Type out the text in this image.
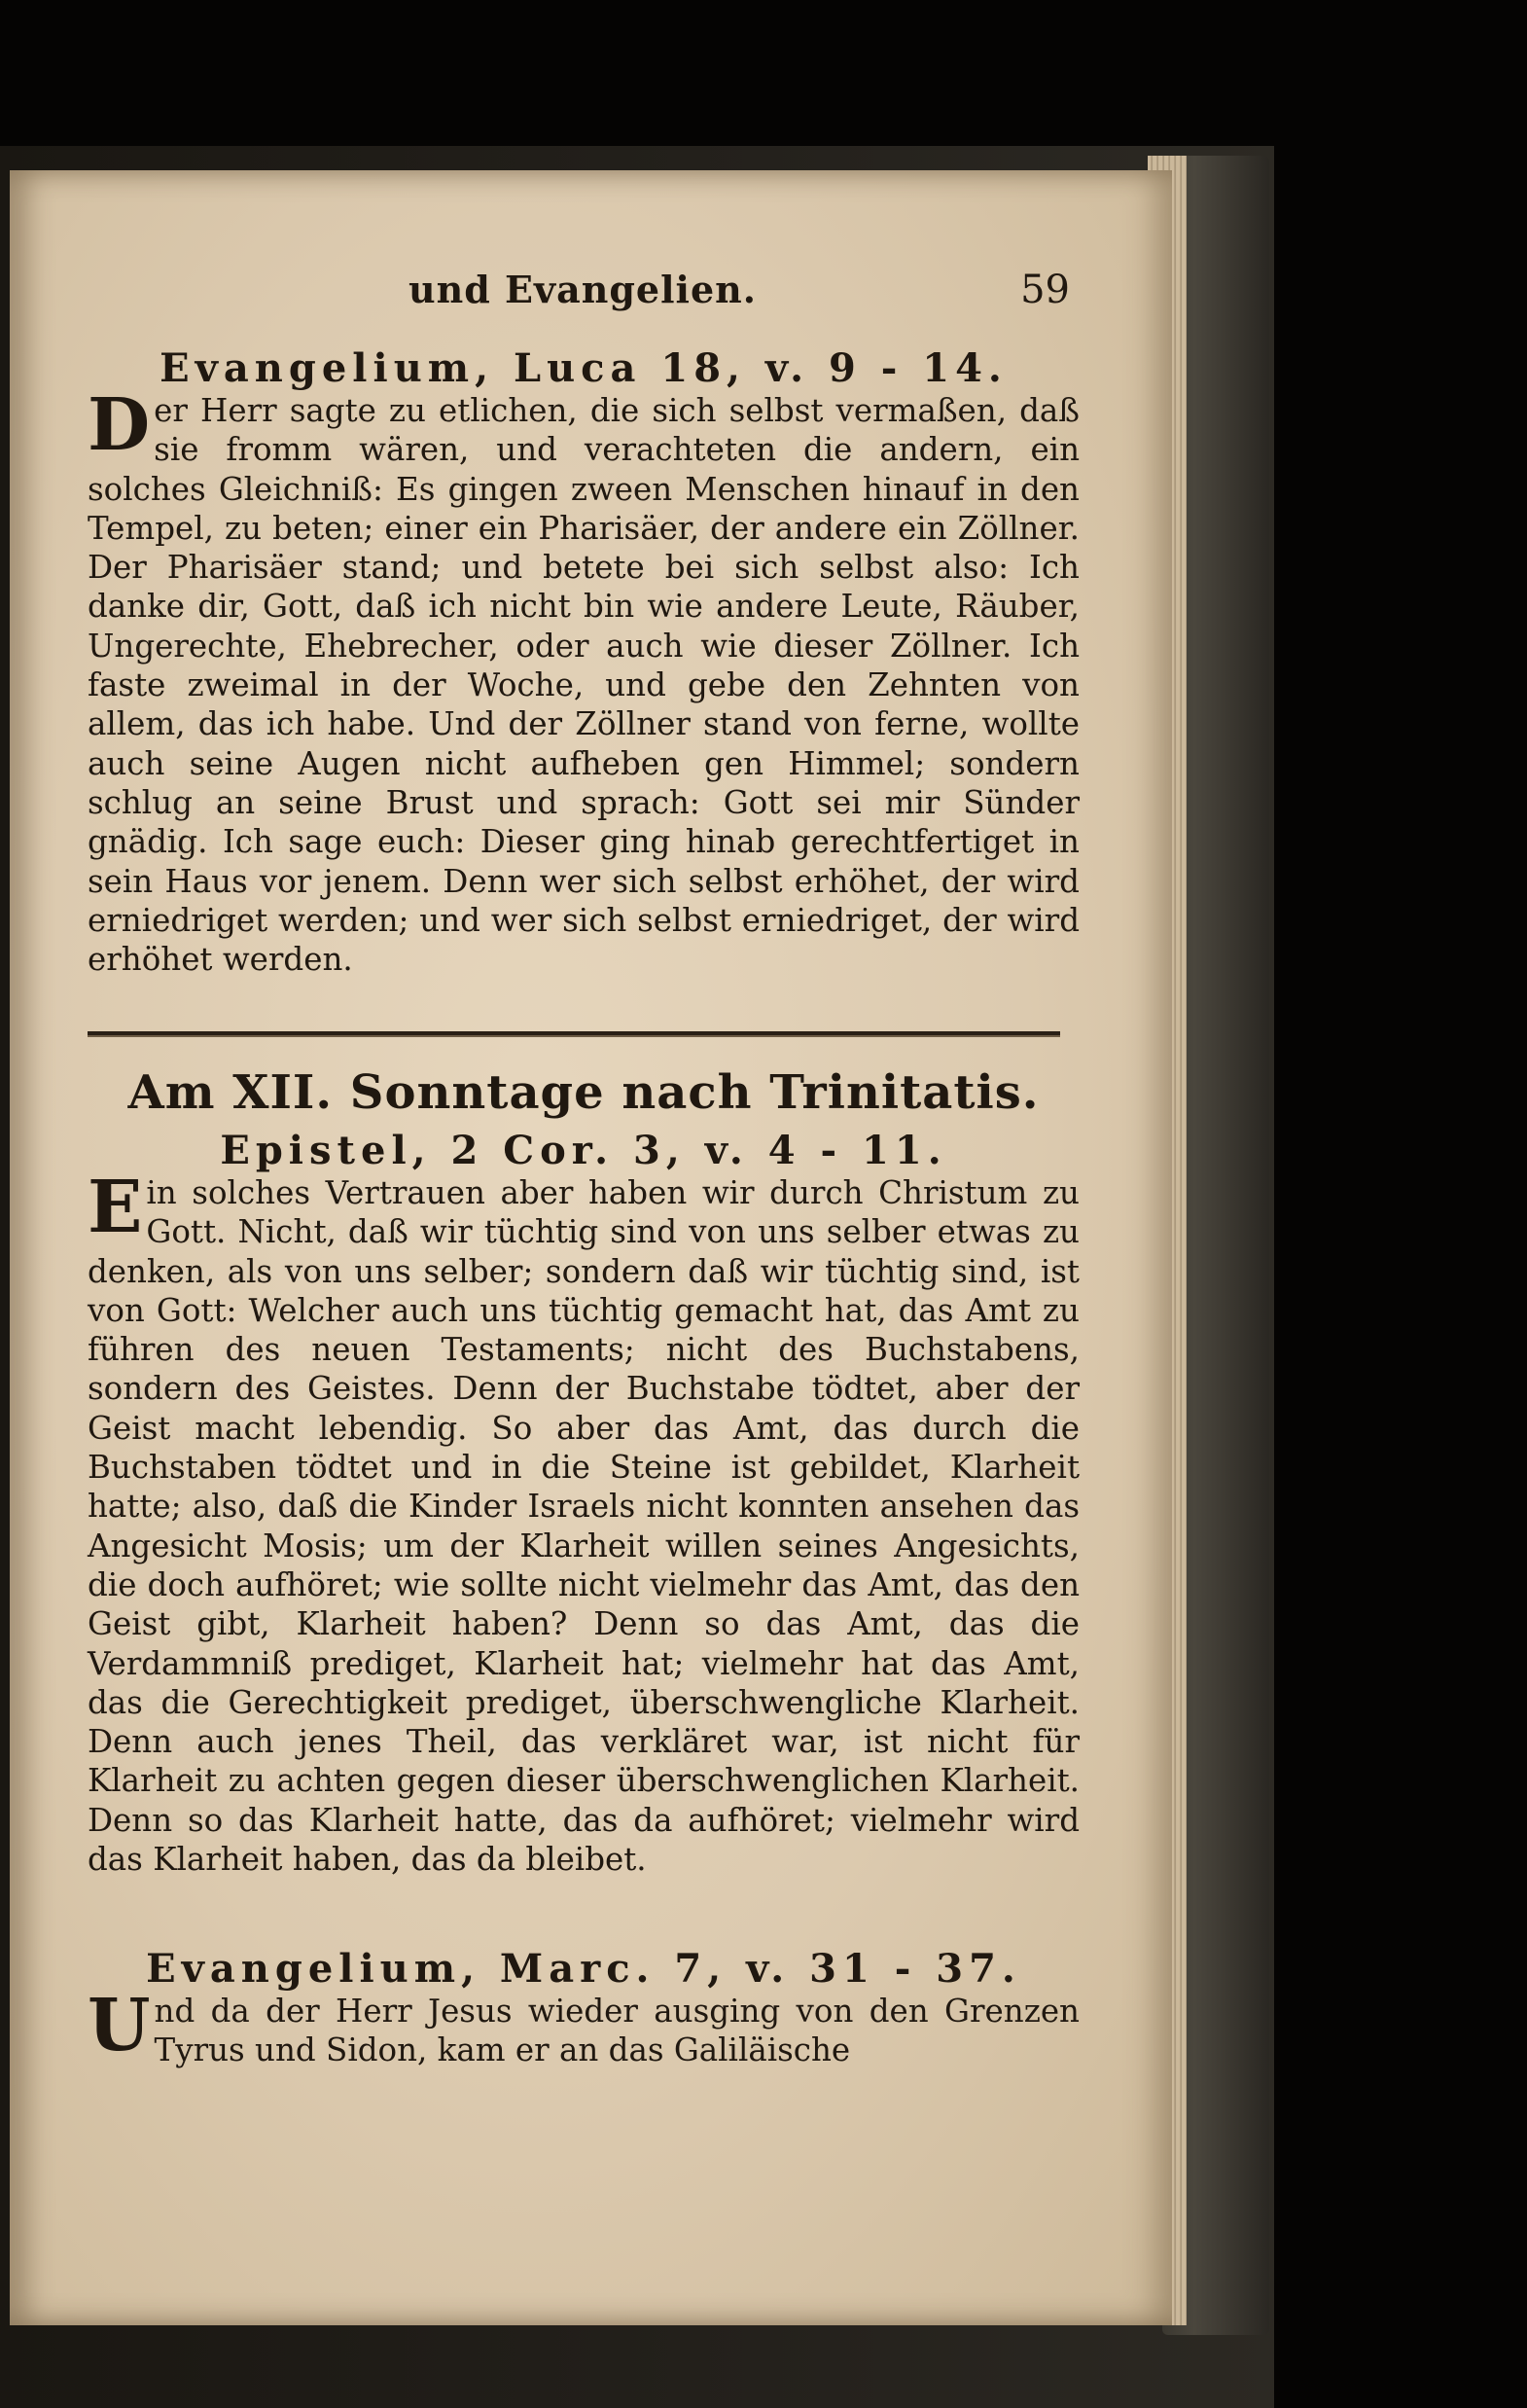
und Evangelien.	59
Evangelium, Luca 18, v. 9 - 14.

Der Herr sagte zu etlichen, die sich selbst vermaßen, daß sie fromm wären, und verachteten die andern, ein solches Gleichniß: Es gingen zween Menschen hinauf in den Tempel, zu beten; einer ein Pharisäer, der andere ein Zöllner. Der Pharisäer stand; und betete bei sich selbst also: Ich danke dir, Gott, daß ich nicht bin wie andere Leute, Räuber, Ungerechte, Ehebrecher, oder auch wie dieser Zöllner. Ich faste zweimal in der Woche, und gebe den Zehnten von allem, das ich habe. Und der Zöllner stand von ferne, wollte auch seine Augen nicht aufheben gen Himmel; sondern schlug an seine Brust und sprach: Gott sei mir Sünder gnädig. Ich sage euch: Dieser ging hinab gerechtfertiget in sein Haus vor jenem. Denn wer sich selbst erhöhet, der wird erniedriget werden; und wer sich selbst erniedriget, der wird erhöhet werden.

Am XII. Sonntage nach Trinitatis.
Epistel, 2 Cor. 3, v. 4 - 11.

Ein solches Vertrauen aber haben wir durch Christum zu Gott. Nicht, daß wir tüchtig sind von uns selber etwas zu denken, als von uns selber; sondern daß wir tüchtig sind, ist von Gott: Welcher auch uns tüchtig gemacht hat, das Amt zu führen des neuen Testaments; nicht des Buchstabens, sondern des Geistes. Denn der Buchstabe tödtet, aber der Geist macht lebendig. So aber das Amt, das durch die Buchstaben tödtet und in die Steine ist gebildet, Klarheit hatte; also, daß die Kinder Israels nicht konnten ansehen das Angesicht Mosis; um der Klarheit willen seines Angesichts, die doch aufhöret; wie sollte nicht vielmehr das Amt, das den Geist gibt, Klarheit haben? Denn so das Amt, das die Verdammniß prediget, Klarheit hat; vielmehr hat das Amt, das die Gerechtigkeit prediget, überschwengliche Klarheit. Denn auch jenes Theil, das verkläret war, ist nicht für Klarheit zu achten gegen dieser überschwenglichen Klarheit. Denn so das Klarheit hatte, das da aufhöret; vielmehr wird das Klarheit haben, das da bleibet.

Evangelium, Marc. 7, v. 31 - 37.

Und da der Herr Jesus wieder ausging von den Grenzen Tyrus und Sidon, kam er an das Galiläische
